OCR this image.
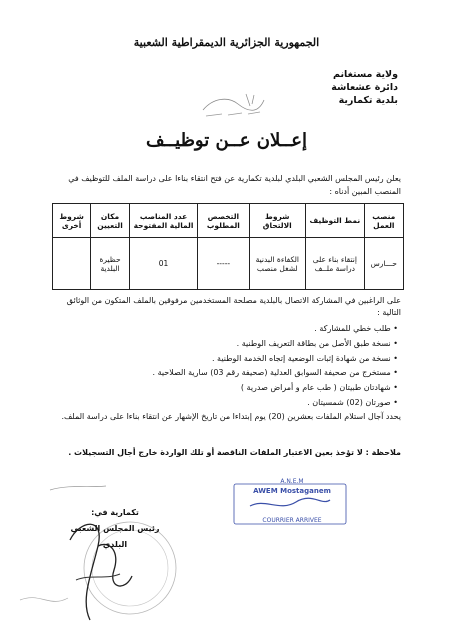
الجمهورية الجزائرية الديمقراطية الشعبية
ولاية مستغانم
دائرة عشعاشة
بلدية تكمارية
إعــلان عــن توظيــف
يعلن رئيس المجلس الشعبي البلدي لبلدية تكمارية عن فتح انتقاء بناءا على دراسة الملف للتوظيف في المنصب المبين أدناه :
منصب العمل	نمط التوظيف	شروط الالتحاق	التخصص المطلوب	عدد المناصب المالية المفتوحة	مكان التعيين	شروط أخرى
حـــارس	إنتقاء بناء على دراسة ملــف	الكفاءة البدنية لشغل منصب	-----	01	حظيرة البلدية	
على الراغبين في المشاركة الاتصال بالبلدية مصلحة المستخدمين مرفوقين بالملف المتكون من الوثائق التالية :
• طلب خطي للمشاركة .
• نسخة طبق الأصل من بطاقة التعريف الوطنية .
• نسخة من شهادة إثبات الوضعية إتجاه الخدمة الوطنية .
• مستخرج من صحيفة السوابق العدلية (صحيفة رقم 03) سارية الصلاحية .
• شهادتان طبيتان ( طب عام و أمراض صدرية )
• صورتان (02) شمسيتان .
يحدد آجال استلام الملفات بعشرين (20) يوم إبتداءا من تاريخ الإشهار عن انتقاء بناءا على دراسة الملف.
ملاحظة : لا تؤخذ بعين الاعتبار الملفات الناقصة أو تلك الواردة خارج أجال التسجيلات .
تكمارية في:
رئيس المجلس الشعبي البلدي
A.N.E.M
AWEM Mostaganem
COURRIER ARRIVEE
